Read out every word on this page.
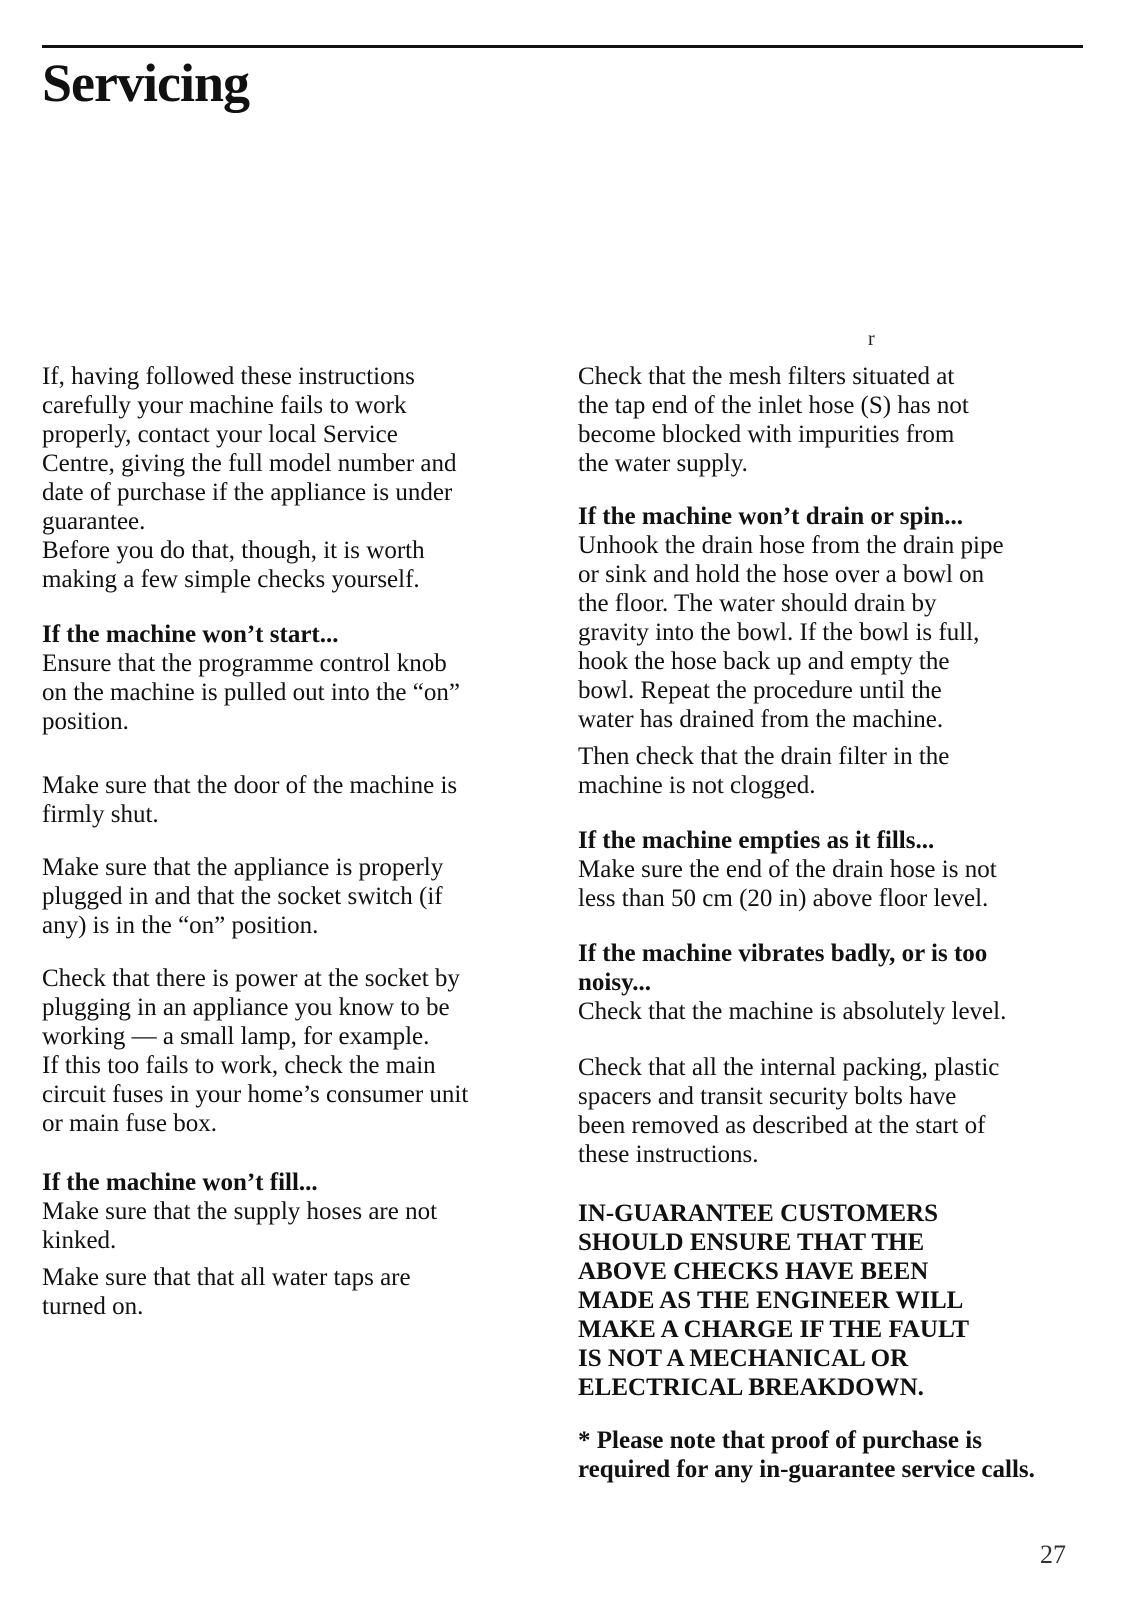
Servicing

If, having followed these instructions
carefully your machine fails to work
properly, contact your local Service
Centre, giving the full model number and
date of purchase if the appliance is under
guarantee.
Before you do that, though, it is worth
making a few simple checks yourself.

If the machine won’t start...

Ensure that the programme control knob
on the machine is pulled out into the “on”
position.

Make sure that the door of the machine is
firmly shut.

Make sure that the appliance is properly
plugged in and that the socket switch (if
any) is in the “on” position.

Check that there is power at the socket by
plugging in an appliance you know to be
working — a small lamp, for example.
If this too fails to work, check the main
circuit fuses in your home’s consumer unit
or main fuse box.

If the machine won’t fill...

Make sure that the supply hoses are not
kinked.

Make sure that that all water taps are
turned on.

r

Check that the mesh filters situated at
the tap end of the inlet hose (S) has not
become blocked with impurities from
the water supply.

If the machine won’t drain or spin...

Unhook the drain hose from the drain pipe
or sink and hold the hose over a bowl on
the floor. The water should drain by
gravity into the bowl. If the bowl is full,
hook the hose back up and empty the
bowl. Repeat the procedure until the
water has drained from the machine.

Then check that the drain filter in the
machine is not clogged.

If the machine empties as it fills...

Make sure the end of the drain hose is not
less than 50 cm (20 in) above floor level.

If the machine vibrates badly, or is too
noisy...

Check that the machine is absolutely level.

Check that all the internal packing, plastic
spacers and transit security bolts have
been removed as described at the start of
these instructions.

IN-GUARANTEE CUSTOMERS
SHOULD ENSURE THAT THE
ABOVE CHECKS HAVE BEEN
MADE AS THE ENGINEER WILL
MAKE A CHARGE IF THE FAULT
IS NOT A MECHANICAL OR
ELECTRICAL BREAKDOWN.

* Please note that proof of purchase is
required for any in-guarantee service calls.

27
